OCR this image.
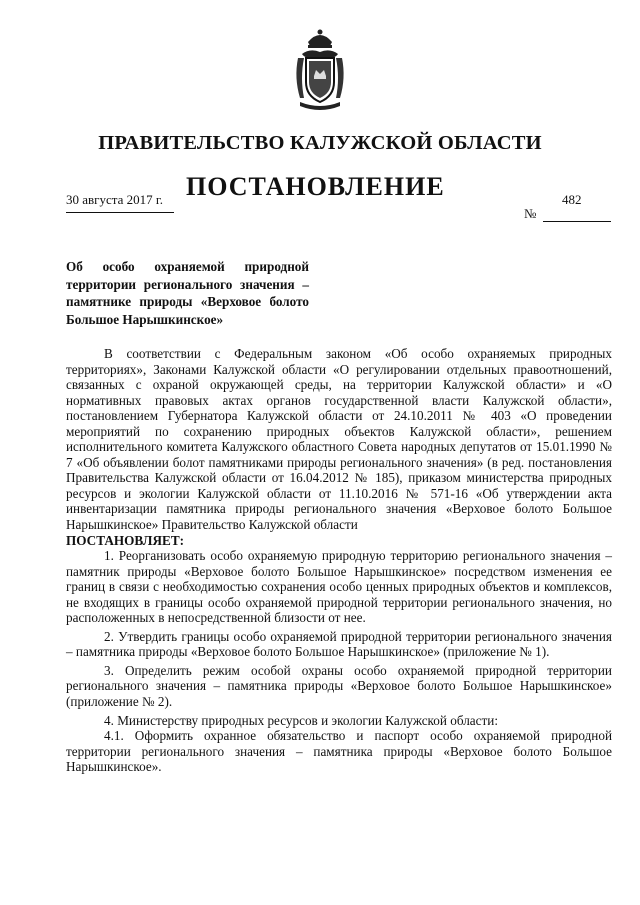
ПРАВИТЕЛЬСТВО КАЛУЖСКОЙ ОБЛАСТИ
30 августа 2017 г. ПОСТАНОВЛЕНИЕ	482
№
Об особо охраняемой природной территории регионального значения – памятнике природы «Верховое болото Большое Нарышкинское»

В соответствии с Федеральным законом «Об особо охраняемых природных территориях», Законами Калужской области «О регулировании отдельных правоотношений, связанных с охраной окружающей среды, на территории Калужской области» и «О нормативных правовых актах органов государственной власти Калужской области», постановлением Губернатора Калужской области от 24.10.2011 № 403 «О проведении мероприятий по сохранению природных объектов Калужской области», решением исполнительного комитета Калужского областного Совета народных депутатов от 15.01.1990 № 7 «Об объявлении болот памятниками природы регионального значения» (в ред. постановления Правительства Калужской области от 16.04.2012 № 185), приказом министерства природных ресурсов и экологии Калужской области от 11.10.2016 № 571-16 «Об утверждении акта инвентаризации памятника природы регионального значения «Верховое болото Большое Нарышкинское» Правительство Калужской области

ПОСТАНОВЛЯЕТ:

1. Реорганизовать особо охраняемую природную территорию регионального значения – памятник природы «Верховое болото Большое Нарышкинское» посредством изменения ее границ в связи с необходимостью сохранения особо ценных природных объектов и комплексов, не входящих в границы особо охраняемой природной территории регионального значения, но расположенных в непосредственной близости от нее.

2. Утвердить границы особо охраняемой природной территории регионального значения – памятника природы «Верховое болото Большое Нарышкинское» (приложение № 1).

3. Определить режим особой охраны особо охраняемой природной территории регионального значения – памятника природы «Верховое болото Большое Нарышкинское» (приложение № 2).

4. Министерству природных ресурсов и экологии Калужской области:

4.1. Оформить охранное обязательство и паспорт особо охраняемой природной территории регионального значения – памятника природы «Верховое болото Большое Нарышкинское».
